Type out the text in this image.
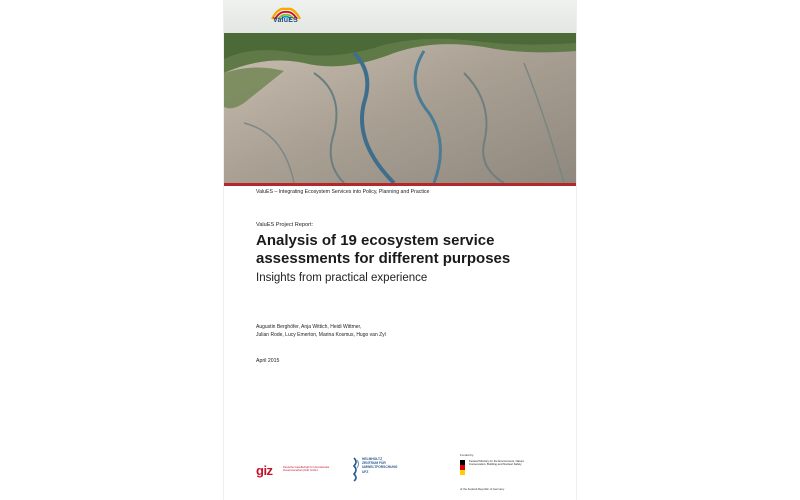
ValuES
ValuES – Integrating Ecosystem Services into Policy, Planning and Practice
ValuES Project Report:
Analysis of 19 ecosystem service
assessments for different purposes
Insights from practical experience
Augustin Berghöfer, Anja Wittich, Heidi Wittmer,
Julian Rode, Lucy Emerton, Marina Kosmus, Hugo van Zyl
April 2015
giz	Deutsche Gesellschaft für Internationale Zusammenarbeit (GIZ) GmbH
HELMHOLTZ
ZENTRUM FÜR
UMWELTFORSCHUNG
UFZ
Funded by:
Federal Ministry for the Environment, Nature Conservation, Building and Nuclear Safety
of the Federal Republic of Germany
